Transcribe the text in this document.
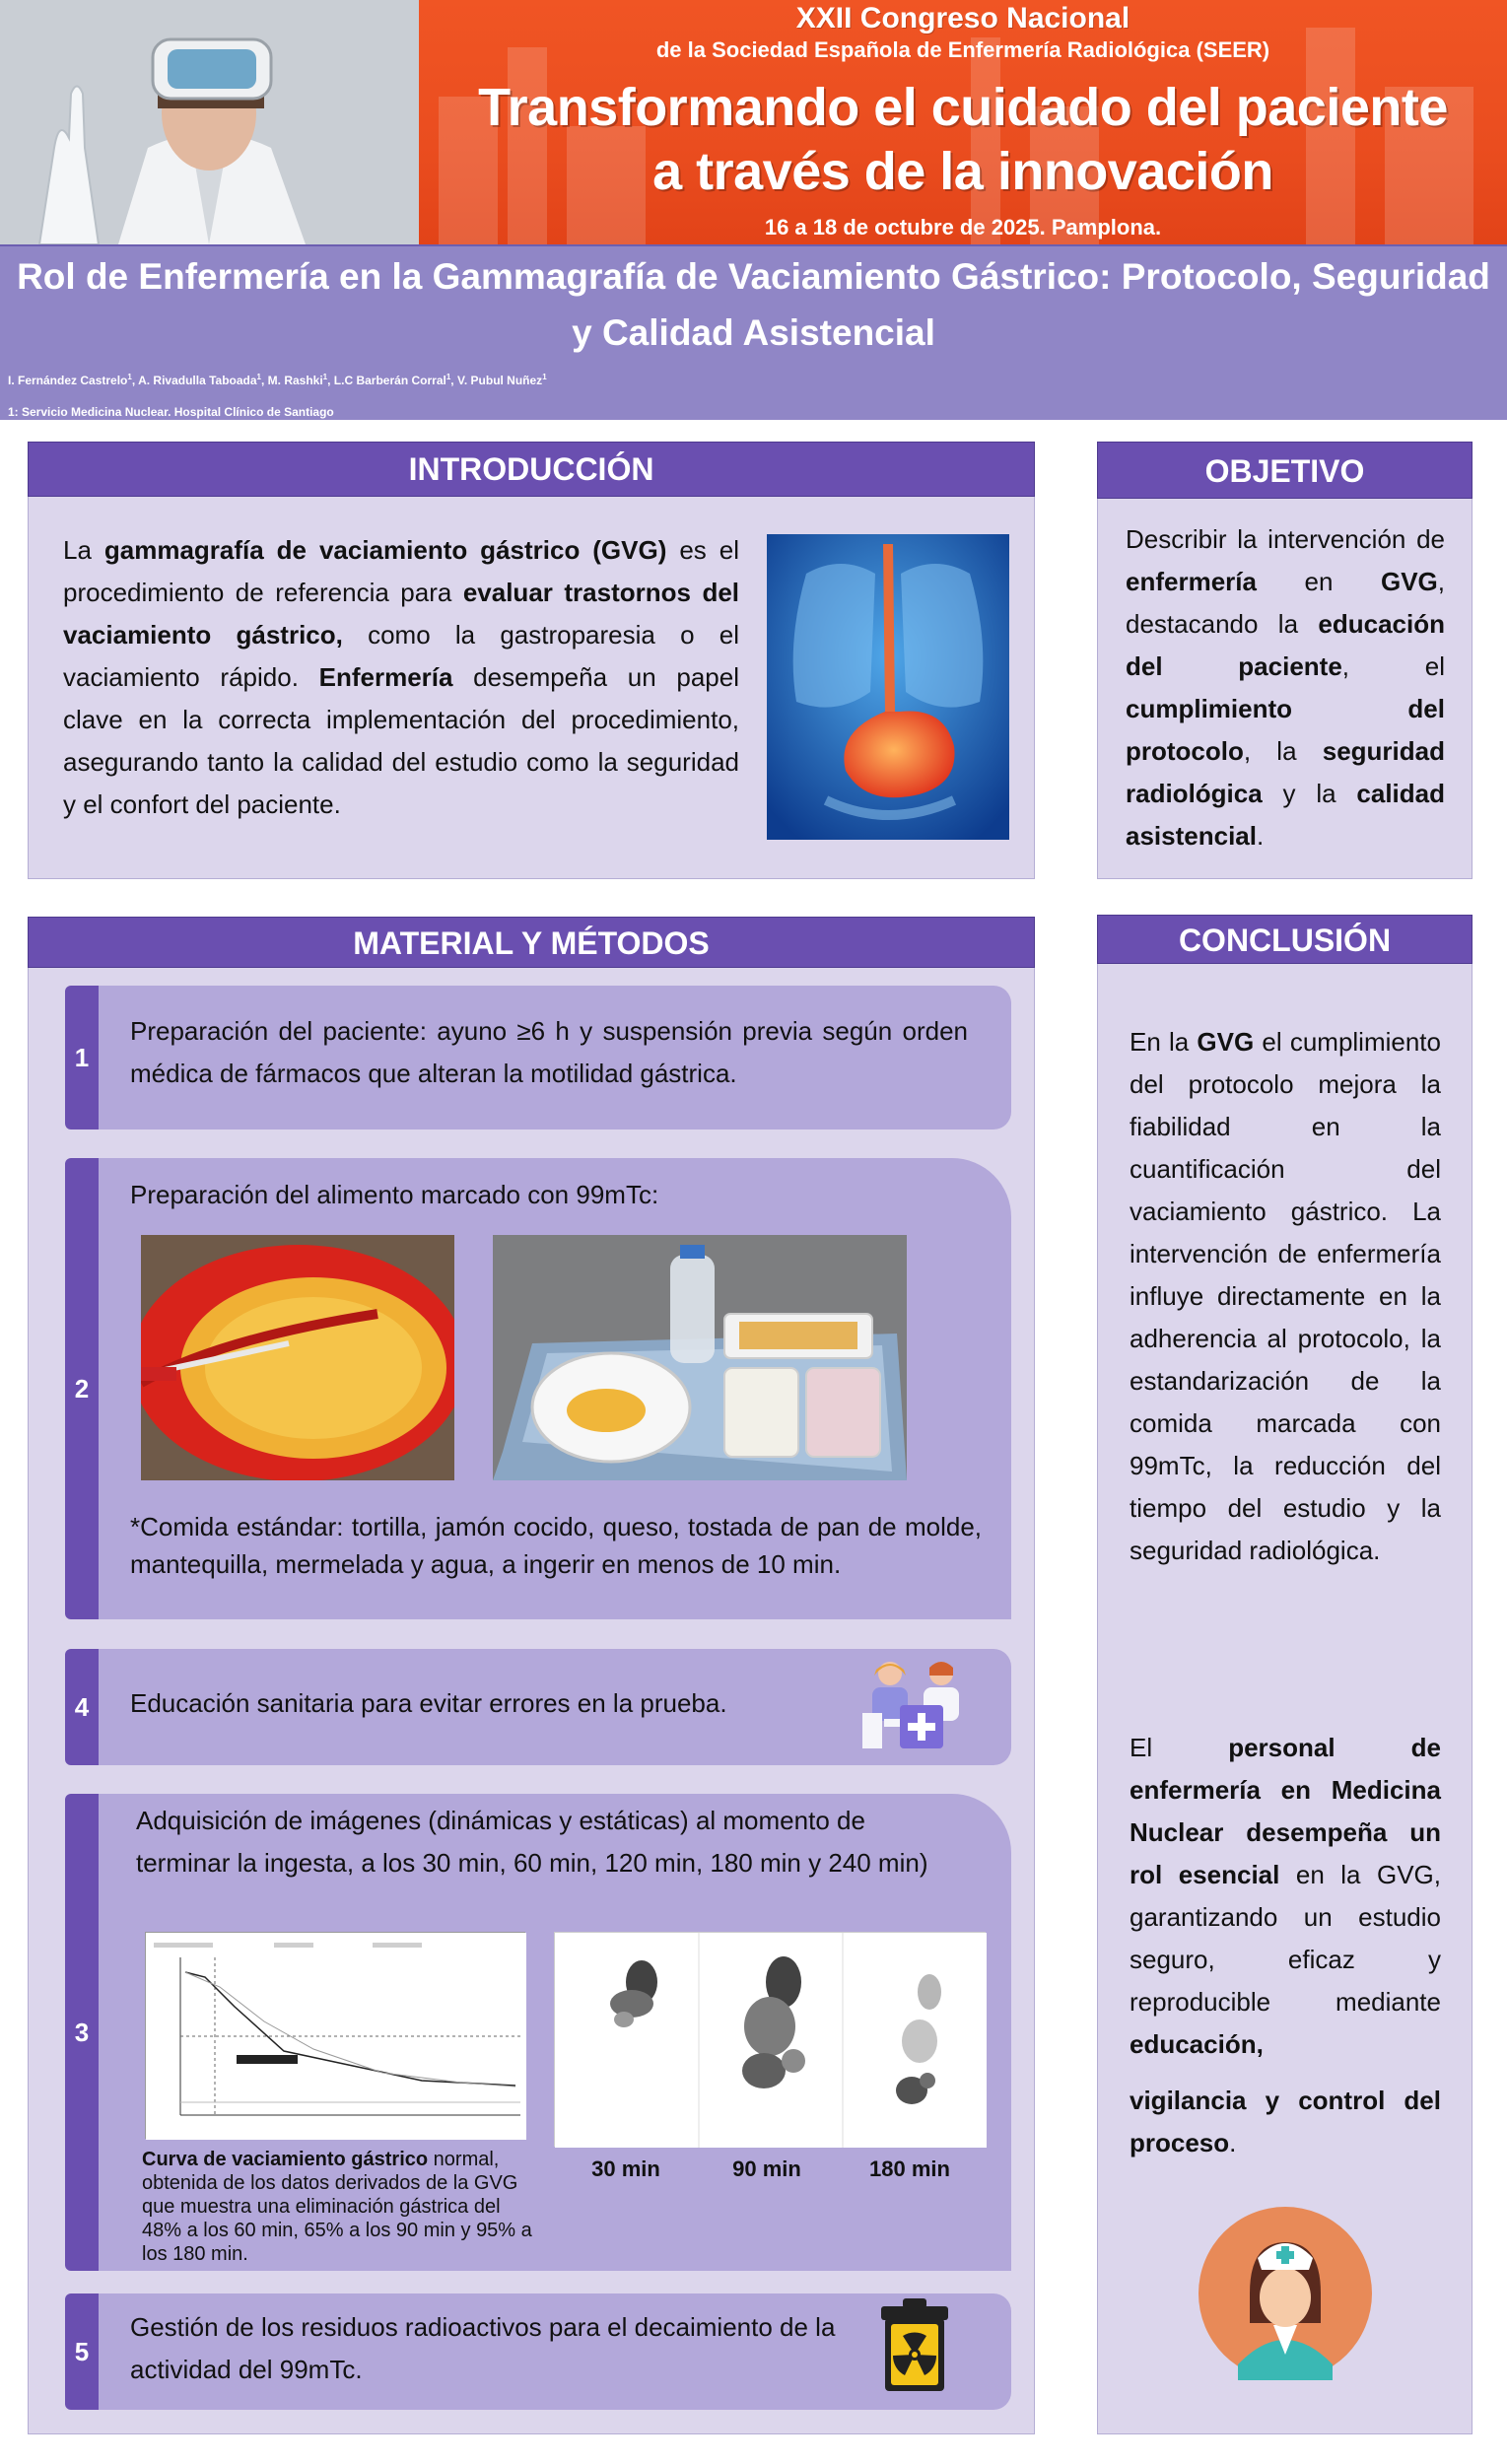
XXII Congreso Nacional
de la Sociedad Española de Enfermería Radiológica (SEER)
Transformando el cuidado del paciente
a través de la innovación
16 a 18 de octubre de 2025. Pamplona.
Rol de Enfermería en la Gammagrafía de Vaciamiento Gástrico: Protocolo, Seguridad y Calidad Asistencial
I. Fernández Castrelo$^1$, A. Rivadulla Taboada$^1$, M. Rashki$^1$, L.C Barberán Corral$^1$, V. Pubul Nuñez$^1$
1: Servicio Medicina Nuclear. Hospital Clínico de Santiago
INTRODUCCIÓN
La gammagrafía de vaciamiento gástrico (GVG) es el procedimiento de referencia para evaluar trastornos del vaciamiento gástrico, como la gastroparesia o el vaciamiento rápido. Enfermería desempeña un papel clave en la correcta implementación del procedimiento, asegurando tanto la calidad del estudio como la seguridad y el confort del paciente.
OBJETIVO
Describir la intervención de enfermería en GVG, destacando la educación del paciente, el cumplimiento del protocolo, la seguridad radiológica y la calidad asistencial.
MATERIAL Y MÉTODOS
1
Preparación del paciente: ayuno ≥6 h y suspensión previa según orden médica de fármacos que alteran la motilidad gástrica.
2
Preparación del alimento marcado con 99mTc:
*Comida estándar: tortilla, jamón cocido, queso, tostada de pan de molde, mantequilla, mermelada y agua, a ingerir en menos de 10 min.
4	Educación sanitaria para evitar errores en la prueba.
3
Adquisición de imágenes (dinámicas y estáticas) al momento de terminar la ingesta, a los 30 min, 60 min, 120 min, 180 min y 240 min)
Curva de vaciamiento gástrico normal, obtenida de los datos derivados de la GVG que muestra una eliminación gástrica del 48% a los 60 min, 65% a los 90 min y 95% a los 180 min.
30 min	90 min	180 min
5
Gestión de los residuos radioactivos para el decaimiento de la actividad del 99mTc.
CONCLUSIÓN
En la GVG el cumplimiento del protocolo mejora la fiabilidad en la cuantificación del vaciamiento gástrico. La intervención de enfermería influye directamente en la adherencia al protocolo, la estandarización de la comida marcada con 99mTc, la reducción del tiempo del estudio y la seguridad radiológica.
El personal de enfermería en Medicina Nuclear desempeña un rol esencial en la GVG, garantizando un estudio seguro, eficaz y reproducible mediante educación,
vigilancia y control del proceso.
